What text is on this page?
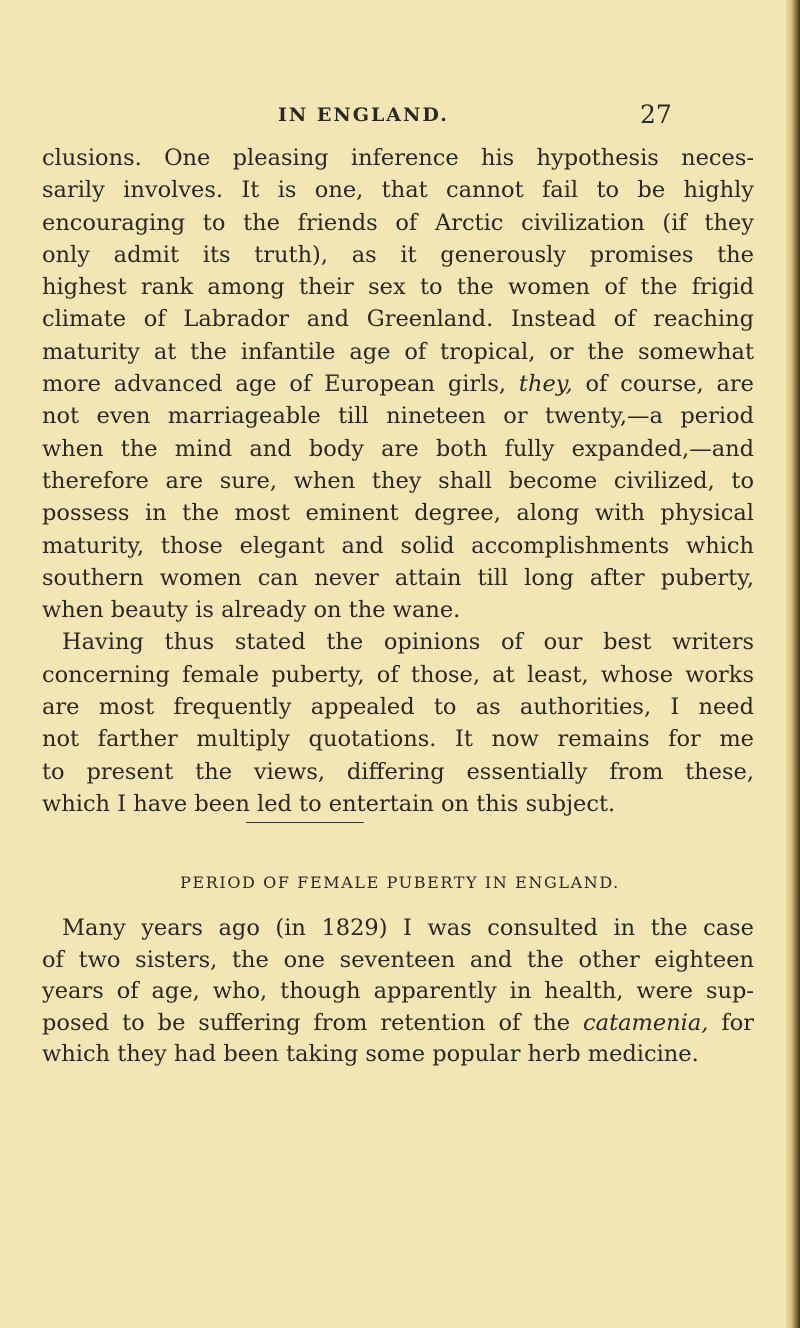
IN ENGLAND.	27
clusions. One pleasing inference his hypothesis neces-
sarily involves. It is one, that cannot fail to be highly
encouraging to the friends of Arctic civilization (if they
only admit its truth), as it generously promises the
highest rank among their sex to the women of the frigid
climate of Labrador and Greenland. Instead of reaching
maturity at the infantile age of tropical, or the somewhat
more advanced age of European girls, they, of course, are
not even marriageable till nineteen or twenty,—a period
when the mind and body are both fully expanded,—and
therefore are sure, when they shall become civilized, to
possess in the most eminent degree, along with physical
maturity, those elegant and solid accomplishments which
southern women can never attain till long after puberty,
when beauty is already on the wane.
Having thus stated the opinions of our best writers
concerning female puberty, of those, at least, whose works
are most frequently appealed to as authorities, I need
not farther multiply quotations. It now remains for me
to present the views, differing essentially from these,
which I have been led to entertain on this subject.
PERIOD OF FEMALE PUBERTY IN ENGLAND.
Many years ago (in 1829) I was consulted in the case
of two sisters, the one seventeen and the other eighteen
years of age, who, though apparently in health, were sup-
posed to be suffering from retention of the catamenia, for
which they had been taking some popular herb medicine.
